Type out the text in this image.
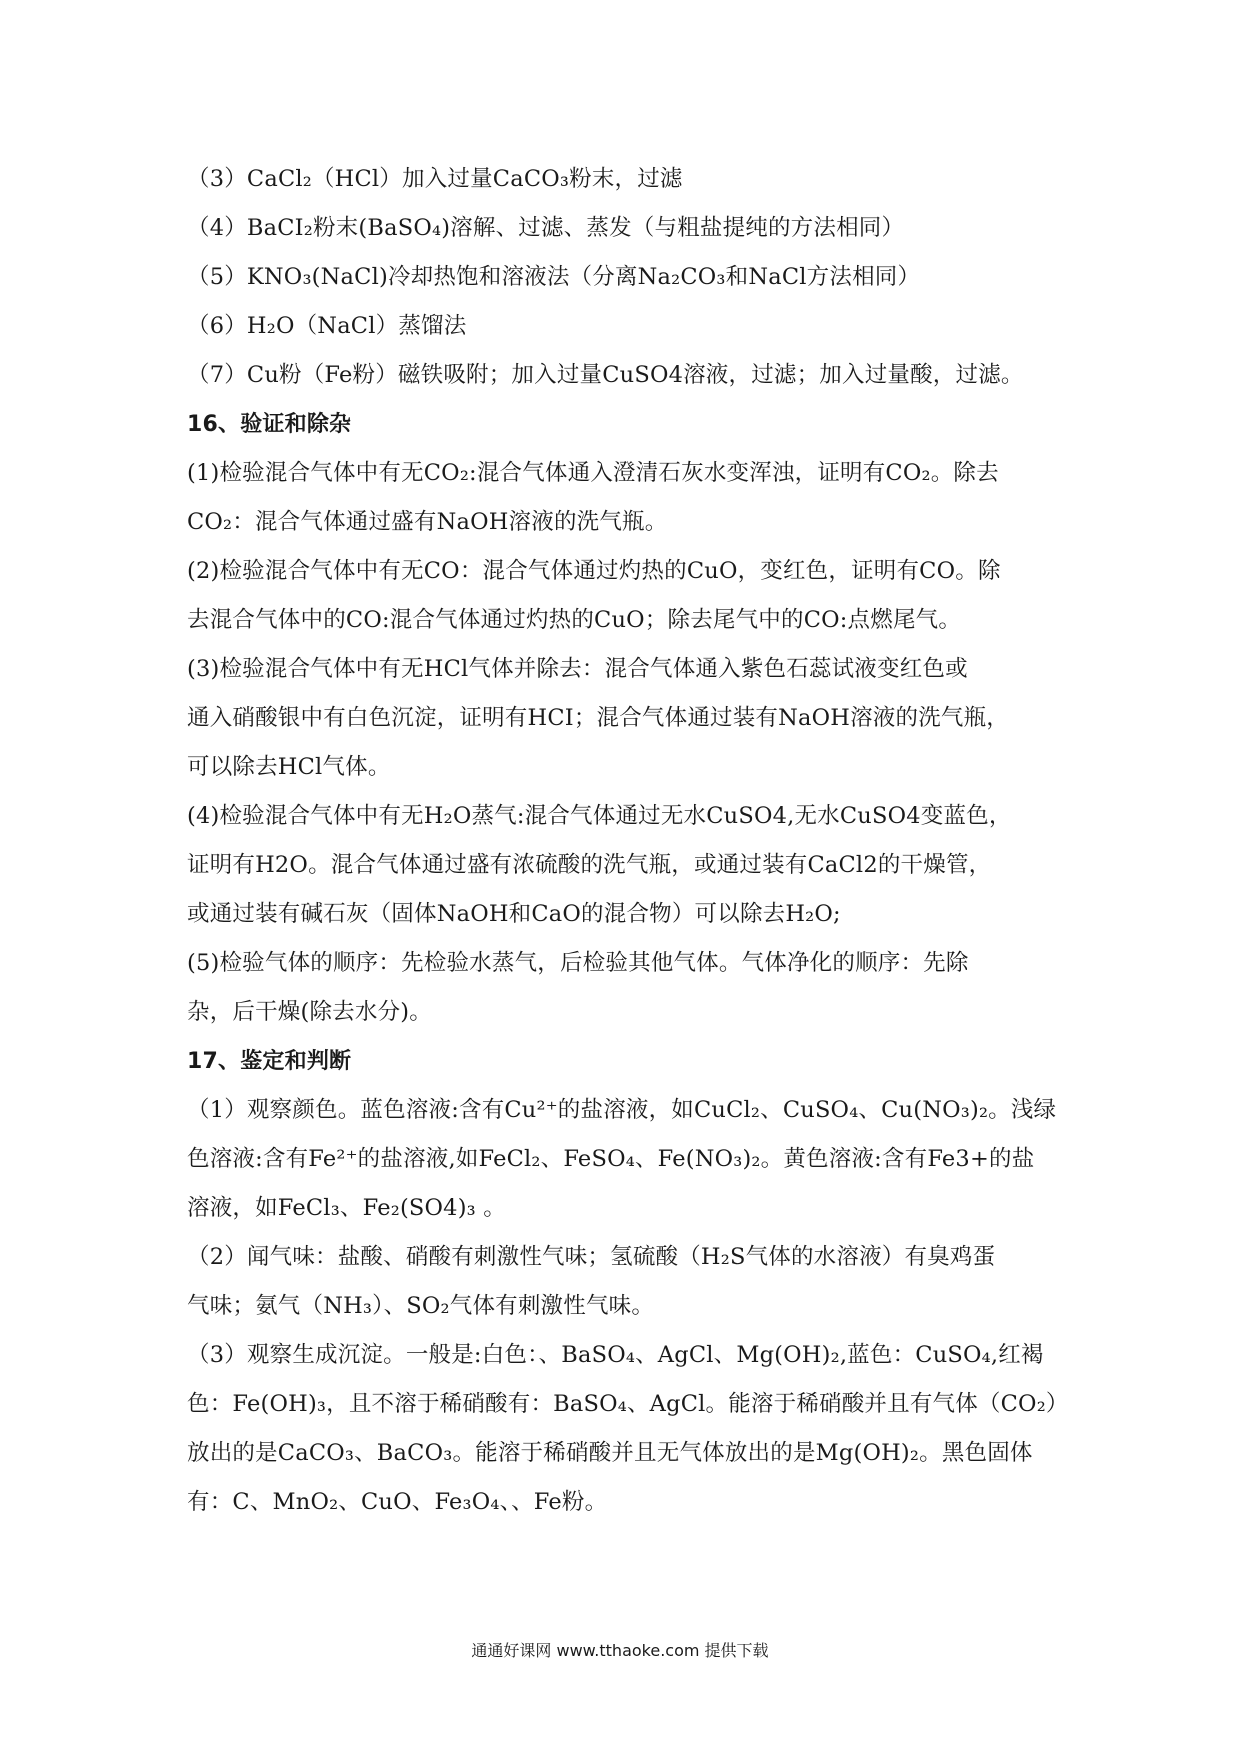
（3）CaCl₂（HCl）加入过量CaCO₃粉末，过滤
（4）BaCI₂粉末(BaSO₄)溶解、过滤、蒸发（与粗盐提纯的方法相同）
（5）KNO₃(NaCl)冷却热饱和溶液法（分离Na₂CO₃和NaCl方法相同）
（6）H₂O（NaCl）蒸馏法
（7）Cu粉（Fe粉）磁铁吸附；加入过量CuSO4溶液，过滤；加入过量酸，过滤。
16、验证和除杂
(1)检验混合气体中有无CO₂:混合气体通入澄清石灰水变浑浊，证明有CO₂。除去
CO₂：混合气体通过盛有NaOH溶液的洗气瓶。
(2)检验混合气体中有无CO：混合气体通过灼热的CuO，变红色，证明有CO。除
去混合气体中的CO:混合气体通过灼热的CuO；除去尾气中的CO:点燃尾气。
(3)检验混合气体中有无HCl气体并除去：混合气体通入紫色石蕊试液变红色或
通入硝酸银中有白色沉淀，证明有HCI；混合气体通过装有NaOH溶液的洗气瓶，
可以除去HCl气体。
(4)检验混合气体中有无H₂O蒸气:混合气体通过无水CuSO4,无水CuSO4变蓝色，
证明有H2O。混合气体通过盛有浓硫酸的洗气瓶，或通过装有CaCl2的干燥管，
或通过装有碱石灰（固体NaOH和CaO的混合物）可以除去H₂O;
(5)检验气体的顺序：先检验水蒸气，后检验其他气体。气体净化的顺序：先除
杂，后干燥(除去水分)。
17、鉴定和判断
（1）观察颜色。蓝色溶液:含有Cu²⁺的盐溶液，如CuCl₂、CuSO₄、Cu(NO₃)₂。浅绿
色溶液:含有Fe²⁺的盐溶液,如FeCl₂、FeSO₄、Fe(NO₃)₂。黄色溶液:含有Fe3+的盐
溶液，如FeCl₃、Fe₂(SO4)₃ 。
（2）闻气味：盐酸、硝酸有刺激性气味；氢硫酸（H₂S气体的水溶液）有臭鸡蛋
气味；氨气（NH₃）、SO₂气体有刺激性气味。
（3）观察生成沉淀。一般是:白色：、BaSO₄、AgCl、Mg(OH)₂,蓝色：CuSO₄,红褐
色：Fe(OH)₃，且不溶于稀硝酸有：BaSO₄、AgCl。能溶于稀硝酸并且有气体（CO₂）
放出的是CaCO₃、BaCO₃。能溶于稀硝酸并且无气体放出的是Mg(OH)₂。黑色固体
有：C、MnO₂、CuO、Fe₃O₄、、Fe粉。
通通好课网 www.tthaoke.com 提供下载
